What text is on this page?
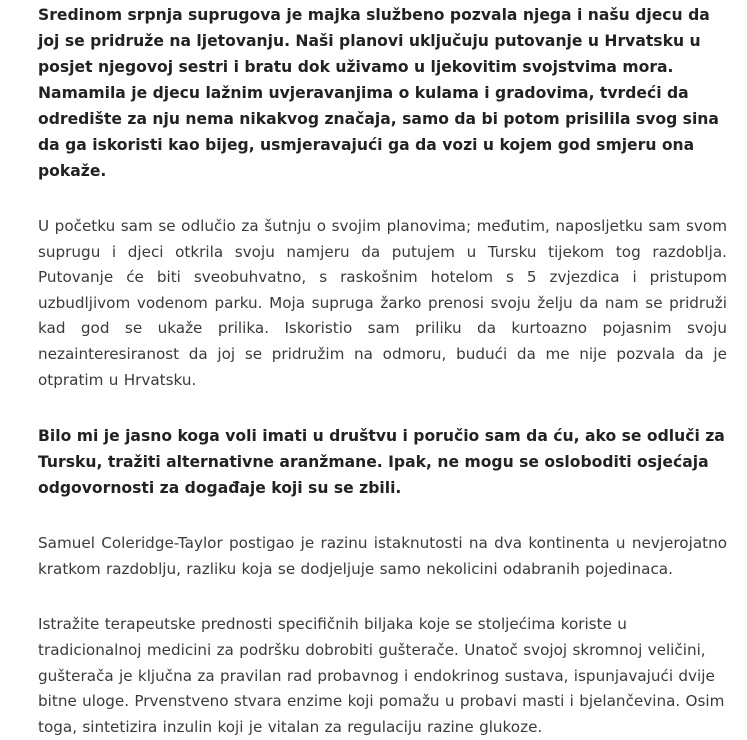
Sredinom srpnja suprugova je majka službeno pozvala njega i našu djecu da joj se pridruže na ljetovanju. Naši planovi uključuju putovanje u Hrvatsku u posjet njegovoj sestri i bratu dok uživamo u ljekovitim svojstvima mora. Namamila je djecu lažnim uvjeravanjima o kulama i gradovima, tvrdeći da odredište za nju nema nikakvog značaja, samo da bi potom prisilila svog sina da ga iskoristi kao bijeg, usmjeravajući ga da vozi u kojem god smjeru ona pokaže.

U početku sam se odlučio za šutnju o svojim planovima; međutim, naposljetku sam svom suprugu i djeci otkrila svoju namjeru da putujem u Tursku tijekom tog razdoblja. Putovanje će biti sveobuhvatno, s raskošnim hotelom s 5 zvjezdica i pristupom uzbudljivom vodenom parku. Moja supruga žarko prenosi svoju želju da nam se pridruži kad god se ukaže prilika. Iskoristio sam priliku da kurtoazno pojasnim svoju nezainteresiranost da joj se pridružim na odmoru, budući da me nije pozvala da je otpratim u Hrvatsku.

Bilo mi je jasno koga voli imati u društvu i poručio sam da ću, ako se odluči za Tursku, tražiti alternativne aranžmane. Ipak, ne mogu se osloboditi osjećaja odgovornosti za događaje koji su se zbili.

Samuel Coleridge-Taylor postigao je razinu istaknutosti na dva kontinenta u nevjerojatno kratkom razdoblju, razliku koja se dodjeljuje samo nekolicini odabranih pojedinaca.

Istražite terapeutske prednosti specifičnih biljaka koje se stoljećima koriste u tradicionalnoj medicini za podršku dobrobiti gušterače. Unatoč svojoj skromnoj veličini, gušterača je ključna za pravilan rad probavnog i endokrinog sustava, ispunjavajući dvije bitne uloge. Prvenstveno stvara enzime koji pomažu u probavi masti i bjelančevina. Osim toga, sintetizira inzulin koji je vitalan za regulaciju razine glukoze.
